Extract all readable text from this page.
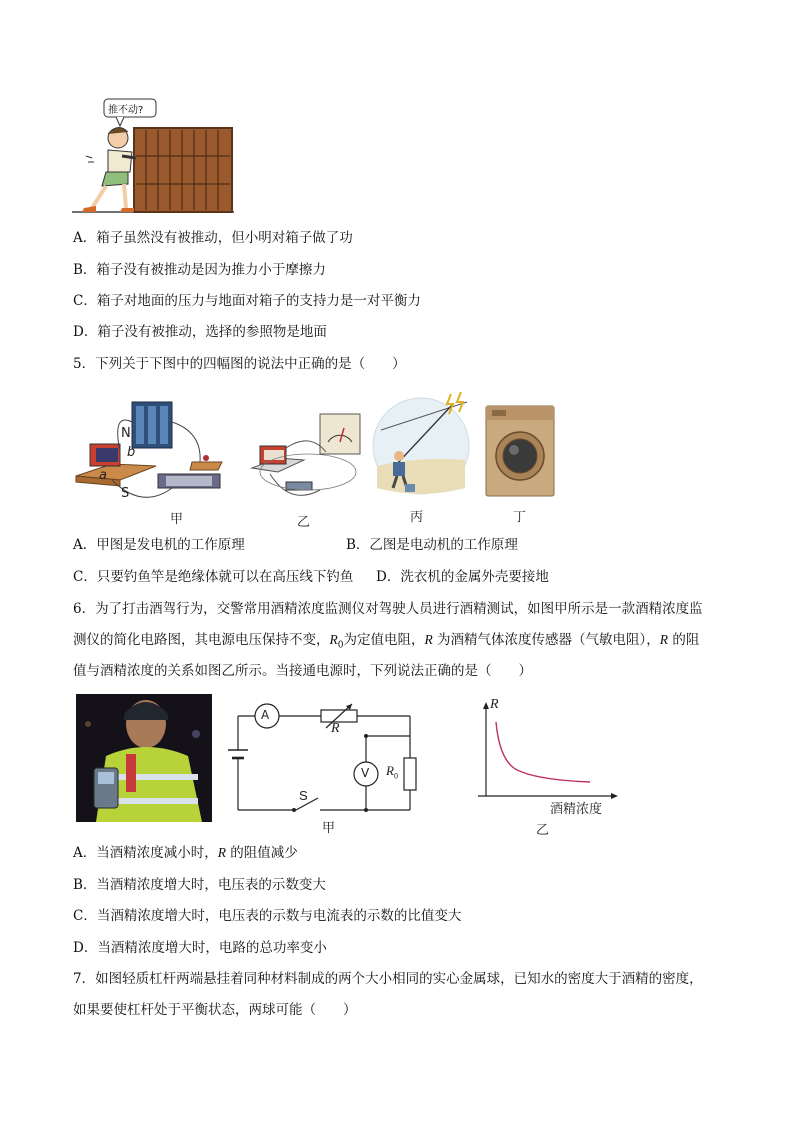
推不动?
A．箱子虽然没有被推动，但小明对箱子做了功
B．箱子没有被推动是因为推力小于摩擦力
C．箱子对地面的压力与地面对箱子的支持力是一对平衡力
D．箱子没有被推动，选择的参照物是地面
5．下列关于下图中的四幅图的说法中正确的是（　　）
N
b
a
S
甲	乙	丙	丁
A．甲图是发电机的工作原理	B．乙图是电动机的工作原理
C．只要钓鱼竿是绝缘体就可以在高压线下钓鱼 D．洗衣机的金属外壳要接地
6．为了打击酒驾行为，交警常用酒精浓度监测仪对驾驶人员进行酒精测试，如图甲所示是一款酒精浓度监
测仪的简化电路图，其电源电压保持不变，$R_0$为定值电阻，R 为酒精气体浓度传感器（气敏电阻），R 的阻
值与酒精浓度的关系如图乙所示。当接通电源时，下列说法正确的是（　　）
A
R
V $R_0$
S
甲
R
酒精浓度
乙
A．当酒精浓度减小时，R 的阻值减少
B．当酒精浓度增大时，电压表的示数变大
C．当酒精浓度增大时，电压表的示数与电流表的示数的比值变大
D．当酒精浓度增大时，电路的总功率变小
7．如图轻质杠杆两端悬挂着同种材料制成的两个大小相同的实心金属球，已知水的密度大于酒精的密度，
如果要使杠杆处于平衡状态，两球可能（　　）
